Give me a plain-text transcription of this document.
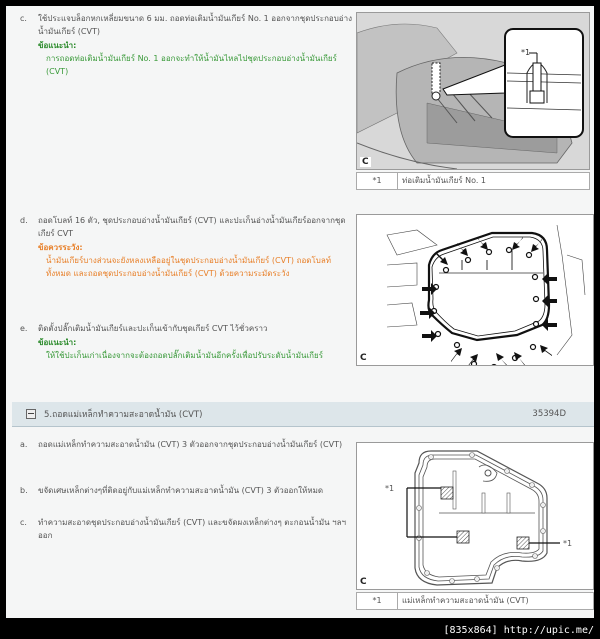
c. ใช้ประแจบล็อกหกเหลี่ยมขนาด 6 มม. ถอดท่อเติมน้ำมันเกียร์ No. 1 ออกจากชุดประกอบอ่างน้ำมันเกียร์ (CVT)
ข้อแนะนำ:
การถอดท่อเติมน้ำมันเกียร์ No. 1 ออกจะทำให้น้ำมันไหลไปชุดประกอบอ่างน้ำมันเกียร์ (CVT)
*1
C
*1	ท่อเติมน้ำมันเกียร์ No. 1
d. ถอดโบลท์ 16 ตัว, ชุดประกอบอ่างน้ำมันเกียร์ (CVT) และปะเก็นอ่างน้ำมันเกียร์ออกจากชุดเกียร์ CVT
ข้อควรระวัง:
น้ำมันเกียร์บางส่วนจะยังหลงเหลืออยู่ในชุดประกอบอ่างน้ำมันเกียร์ (CVT) ถอดโบลท์ทั้งหมด และถอดชุดประกอบอ่างน้ำมันเกียร์ (CVT) ด้วยความระมัดระวัง
e. ติดตั้งปลั๊กเติมน้ำมันเกียร์และปะเก็นเข้ากับชุดเกียร์ CVT ไว้ชั่วคราว
ข้อแนะนำ:
ให้ใช้ปะเก็นเก่าเนื่องจากจะต้องถอดปลั๊กเติมน้ำมันอีกครั้งเพื่อปรับระดับน้ำมันเกียร์	C
5.ถอดแม่เหล็กทำความสะอาดน้ำมัน (CVT)	35394D
a. ถอดแม่เหล็กทำความสะอาดน้ำมัน (CVT) 3 ตัวออกจากชุดประกอบอ่างน้ำมันเกียร์ (CVT)
b. ขจัดเศษเหล็กต่างๆที่ติดอยู่กับแม่เหล็กทำความสะอาดน้ำมัน (CVT) 3 ตัวออกให้หมด
c. ทำความสะอาดชุดประกอบอ่างน้ำมันเกียร์ (CVT) และขจัดผงเหล็กต่างๆ ตะกอนน้ำมัน ฯลฯ ออก
*1
*1
C
*1	แม่เหล็กทำความสะอาดน้ำมัน (CVT)
[835x864] http://upic.me/
